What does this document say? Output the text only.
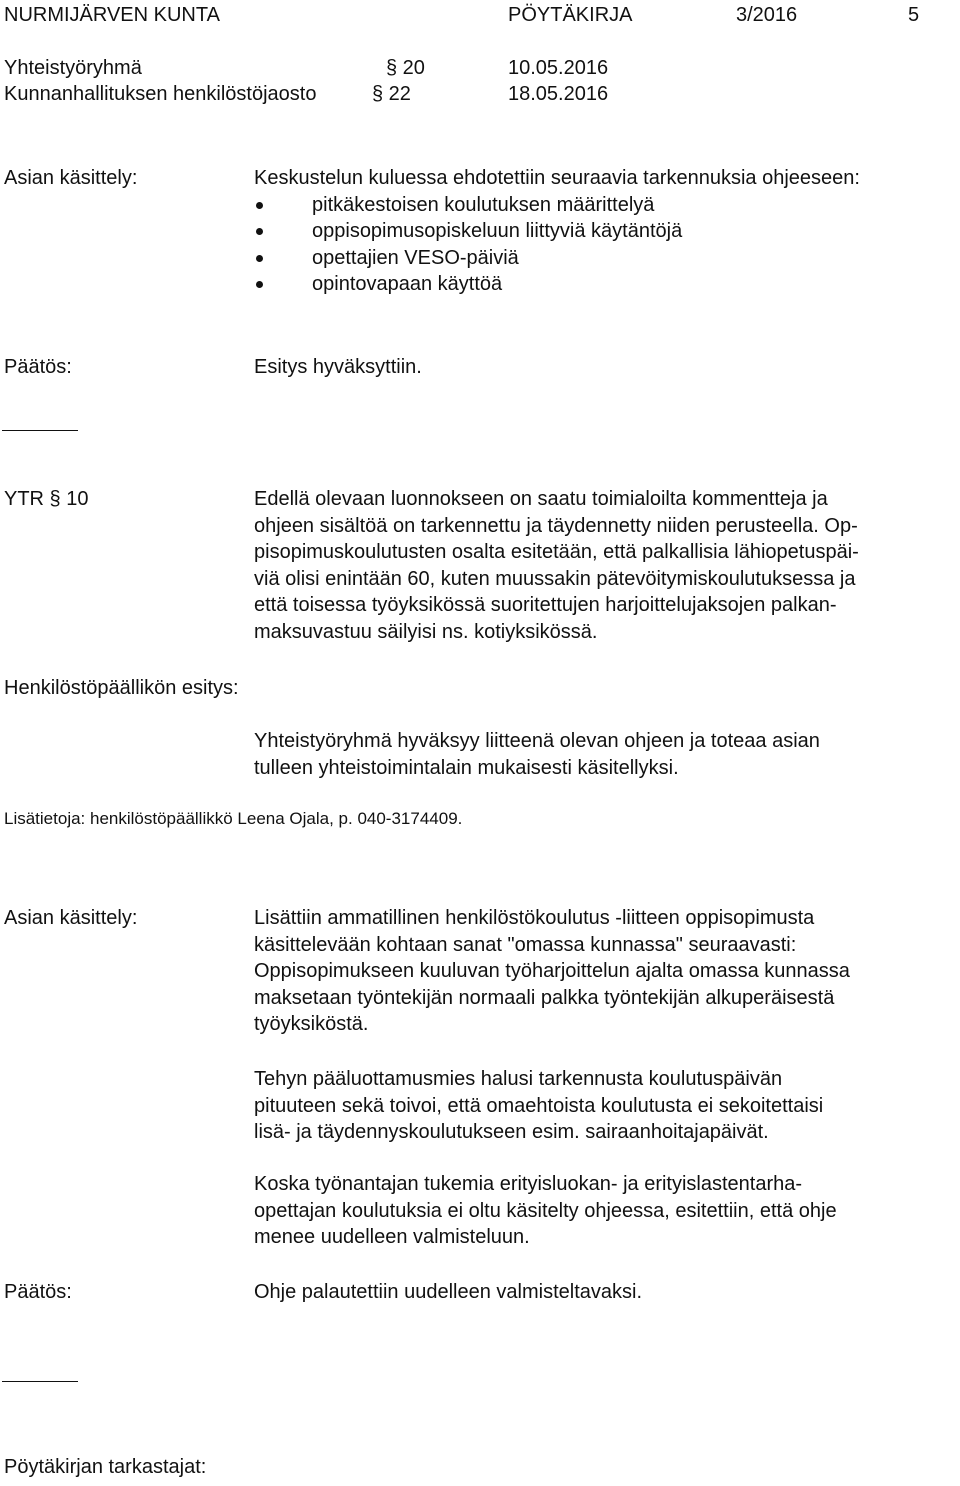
NURMIJÄRVEN KUNTA	PÖYTÄKIRJA	3/2016	5
Yhteistyöryhmä	§ 20	10.05.2016
Kunnanhallituksen henkilöstöjaosto	§ 22	18.05.2016
Asian käsittely:	Keskustelun kuluessa ehdotettiin seuraavia tarkennuksia ohjeeseen:
pitkäkestoisen koulutuksen määrittelyä
oppisopimusopiskeluun liittyviä käytäntöjä
opettajien VESO-päiviä
opintovapaan käyttöä
Päätös:	Esitys hyväksyttiin.
YTR § 10	Edellä olevaan luonnokseen on saatu toimialoilta kommentteja ja
ohjeen sisältöä on tarkennettu ja täydennetty niiden perusteella. Op-
pisopimuskoulutusten osalta esitetään, että palkallisia lähiopetuspäi-
viä olisi enintään 60, kuten muussakin pätevöitymiskoulutuksessa ja
että toisessa työyksikössä suoritettujen harjoittelujaksojen palkan-
maksuvastuu säilyisi ns. kotiyksikössä.
Henkilöstöpäällikön esitys:
Yhteistyöryhmä hyväksyy liitteenä olevan ohjeen ja toteaa asian
tulleen yhteistoimintalain mukaisesti käsitellyksi.
Lisätietoja: henkilöstöpäällikkö Leena Ojala, p. 040-3174409.
Asian käsittely:	Lisättiin ammatillinen henkilöstökoulutus -liitteen oppisopimusta
käsittelevään kohtaan sanat "omassa kunnassa" seuraavasti:
Oppisopimukseen kuuluvan työharjoittelun ajalta omassa kunnassa
maksetaan työntekijän normaali palkka työntekijän alkuperäisestä
työyksiköstä.
Tehyn pääluottamusmies halusi tarkennusta koulutuspäivän
pituuteen sekä toivoi, että omaehtoista koulutusta ei sekoitettaisi
lisä- ja täydennyskoulutukseen esim. sairaanhoitajapäivät.
Koska työnantajan tukemia erityisluokan- ja erityislastentarha-
opettajan koulutuksia ei oltu käsitelty ohjeessa, esitettiin, että ohje
menee uudelleen valmisteluun.
Päätös:	Ohje palautettiin uudelleen valmisteltavaksi.
Pöytäkirjan tarkastajat:
